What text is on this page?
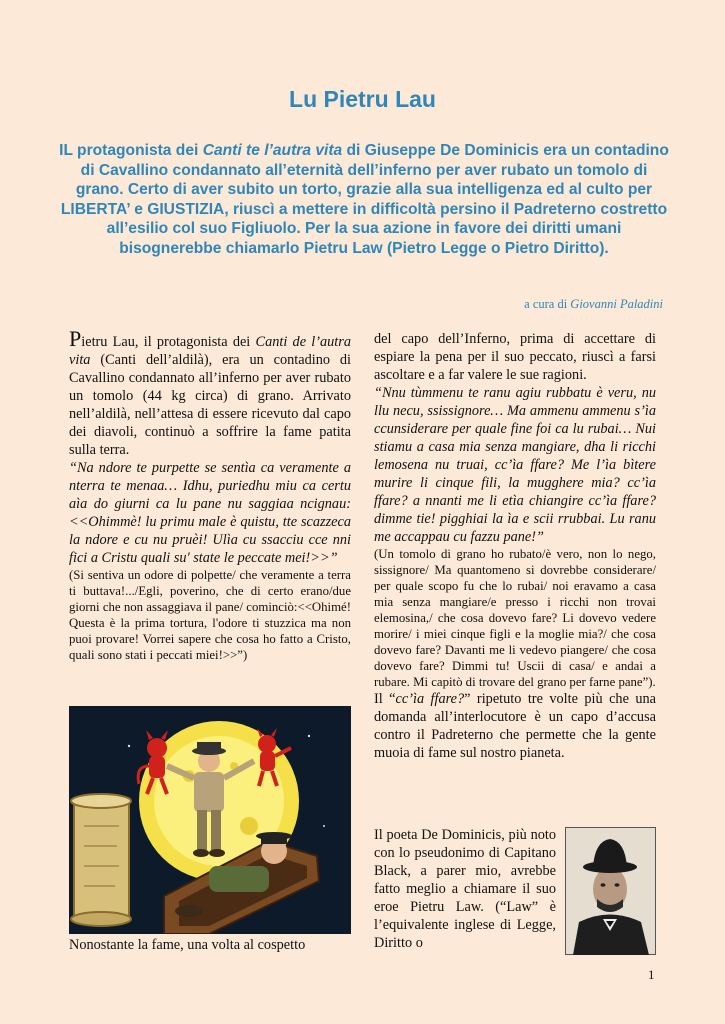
Lu Pietru Lau
IL protagonista dei Canti te l’autra vita di Giuseppe De Dominicis era un contadino di Cavallino condannato all’eternità dell’inferno per aver rubato un tomolo di grano. Certo di aver subito un torto, grazie alla sua intelligenza ed al culto per LIBERTA’ e GIUSTIZIA, riuscì a mettere in difficoltà persino il Padreterno costretto all’esilio col suo Figliuolo. Per la sua azione in favore dei diritti umani bisognerebbe chiamarlo Pietru Law (Pietro Legge o Pietro Diritto).
a cura di Giovanni Paladini

Pietru Lau, il protagonista dei Canti de l’autra vita (Canti dell’aldilà), era un contadino di Cavallino condannato all’inferno per aver rubato un tomolo (44 kg circa) di grano. Arrivato nell’aldilà, nell’attesa di essere ricevuto dal capo dei diavoli, continuò a soffrire la fame patita sulla terra.

“Na ndore te purpette se sentìa ca veramente a nterra te menaa… Idhu, puriedhu miu ca certu aìa do giurni ca lu pane nu saggiaa ncignau:<<Ohimmè! lu primu male è quistu, tte scazzeca la ndore e cu nu pruèi! Ulìa cu ssacciu cce nni fici a Cristu quali su' state le peccate mei!>>”

(Si sentiva un odore di polpette/ che veramente a terra ti buttava!.../Egli, poverino, che di certo erano/due giorni che non assaggiava il pane/ cominciò:<<Ohimé! Questa è la prima tortura, l'odore ti stuzzica ma non puoi provare! Vorrei sapere che cosa ho fatto a Cristo, quali sono stati i peccati miei!>>”)

Nonostante la fame, una volta al cospetto

del capo dell’Inferno, prima di accettare di espiare la pena per il suo peccato, riuscì a farsi ascoltare e a far valere le sue ragioni.

“Nnu tùmmenu te ranu agiu rubbatu è veru, nu llu necu, ssissignore… Ma ammenu ammenu s’ìa ccunsiderare per quale fine foi ca lu rubai… Nui stiamu a casa mia senza mangiare, dha li ricchi lemosena nu truai, cc’ìa ffare? Me l’ìa bìtere murire li cinque fili, la mugghere mia? cc’ìa ffare? a nnanti me li etìa chiangire cc’ìa ffare? dimme tie! pigghiai la ìa e scii rrubbai. Lu ranu me accappau cu fazzu pane!”

(Un tomolo di grano ho rubato/è vero, non lo nego, sissignore/ Ma quantomeno si dovrebbe considerare/ per quale scopo fu che lo rubai/ noi eravamo a casa mia senza mangiare/e presso i ricchi non trovai elemosina,/ che cosa dovevo fare? Li dovevo vedere morire/ i miei cinque figli e la moglie mia?/ che cosa dovevo fare? Davanti me li vedevo piangere/ che cosa dovevo fare? Dimmi tu! Uscii di casa/ e andai a rubare. Mi capitò di trovare del grano per farne pane”).

Il “cc’ìa ffare?” ripetuto tre volte più che una domanda all’interlocutore è un capo d’accusa contro il Padreterno che permette che la gente muoia di fame sul nostro pianeta.

Il poeta De Dominicis, più noto con lo pseudonimo di Capitano Black, a parer mio, avrebbe fatto meglio a chiamare il suo eroe Pietru Law. (“Law” è l’equivalente inglese di Legge, Diritto o
1
